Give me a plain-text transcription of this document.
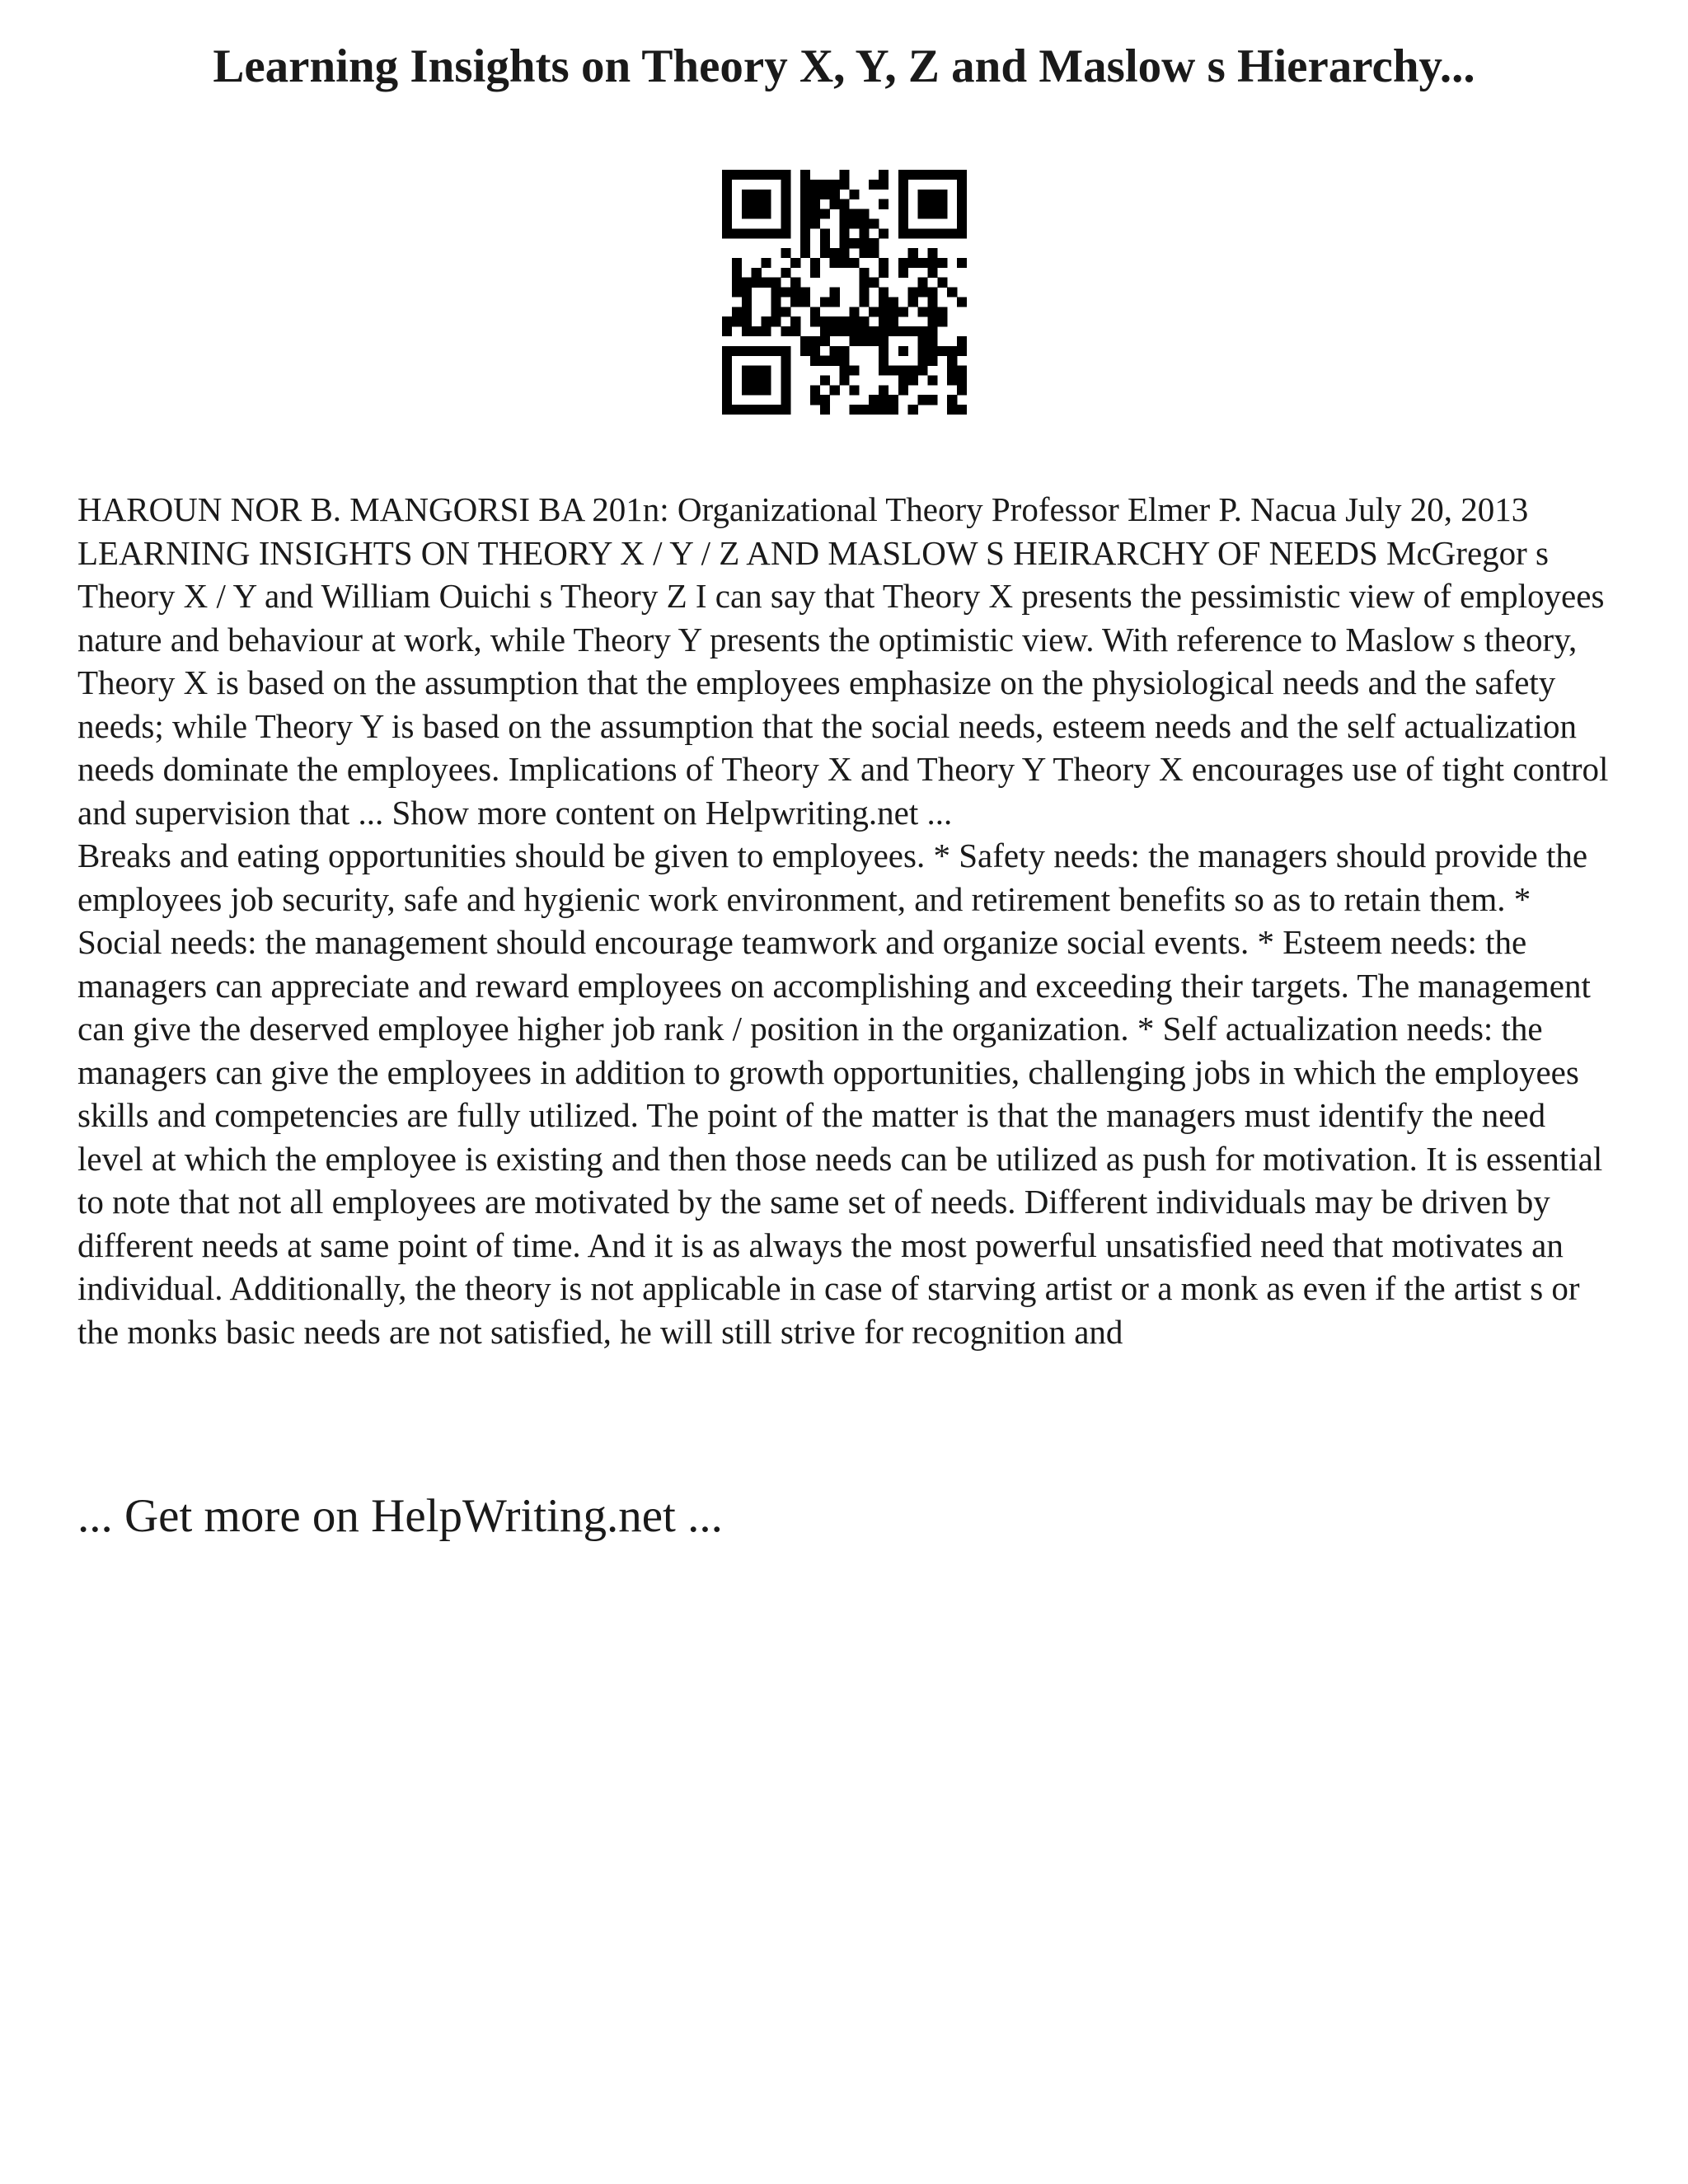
Learning Insights on Theory X, Y, Z and Maslow s Hierarchy...

HAROUN NOR B. MANGORSI BA 201n: Organizational Theory Professor Elmer P. Nacua July 20, 2013 LEARNING INSIGHTS ON THEORY X / Y / Z AND MASLOW S HEIRARCHY OF NEEDS McGregor s Theory X / Y and William Ouichi s Theory Z I can say that Theory X presents the pessimistic view of employees nature and behaviour at work, while Theory Y presents the optimistic view. With reference to Maslow s theory, Theory X is based on the assumption that the employees emphasize on the physiological needs and the safety needs; while Theory Y is based on the assumption that the social needs, esteem needs and the self actualization needs dominate the employees. Implications of Theory X and Theory Y Theory X encourages use of tight control and supervision that ... Show more content on Helpwriting.net ...

Breaks and eating opportunities should be given to employees. * Safety needs: the managers should provide the employees job security, safe and hygienic work environment, and retirement benefits so as to retain them. * Social needs: the management should encourage teamwork and organize social events. * Esteem needs: the managers can appreciate and reward employees on accomplishing and exceeding their targets. The management can give the deserved employee higher job rank / position in the organization. * Self actualization needs: the managers can give the employees in addition to growth opportunities, challenging jobs in which the employees skills and competencies are fully utilized. The point of the matter is that the managers must identify the need level at which the employee is existing and then those needs can be utilized as push for motivation. It is essential to note that not all employees are motivated by the same set of needs. Different individuals may be driven by different needs at same point of time. And it is as always the most powerful unsatisfied need that motivates an individual. Additionally, the theory is not applicable in case of starving artist or a monk as even if the artist s or the monks basic needs are not satisfied, he will still strive for recognition and

... Get more on HelpWriting.net ...
